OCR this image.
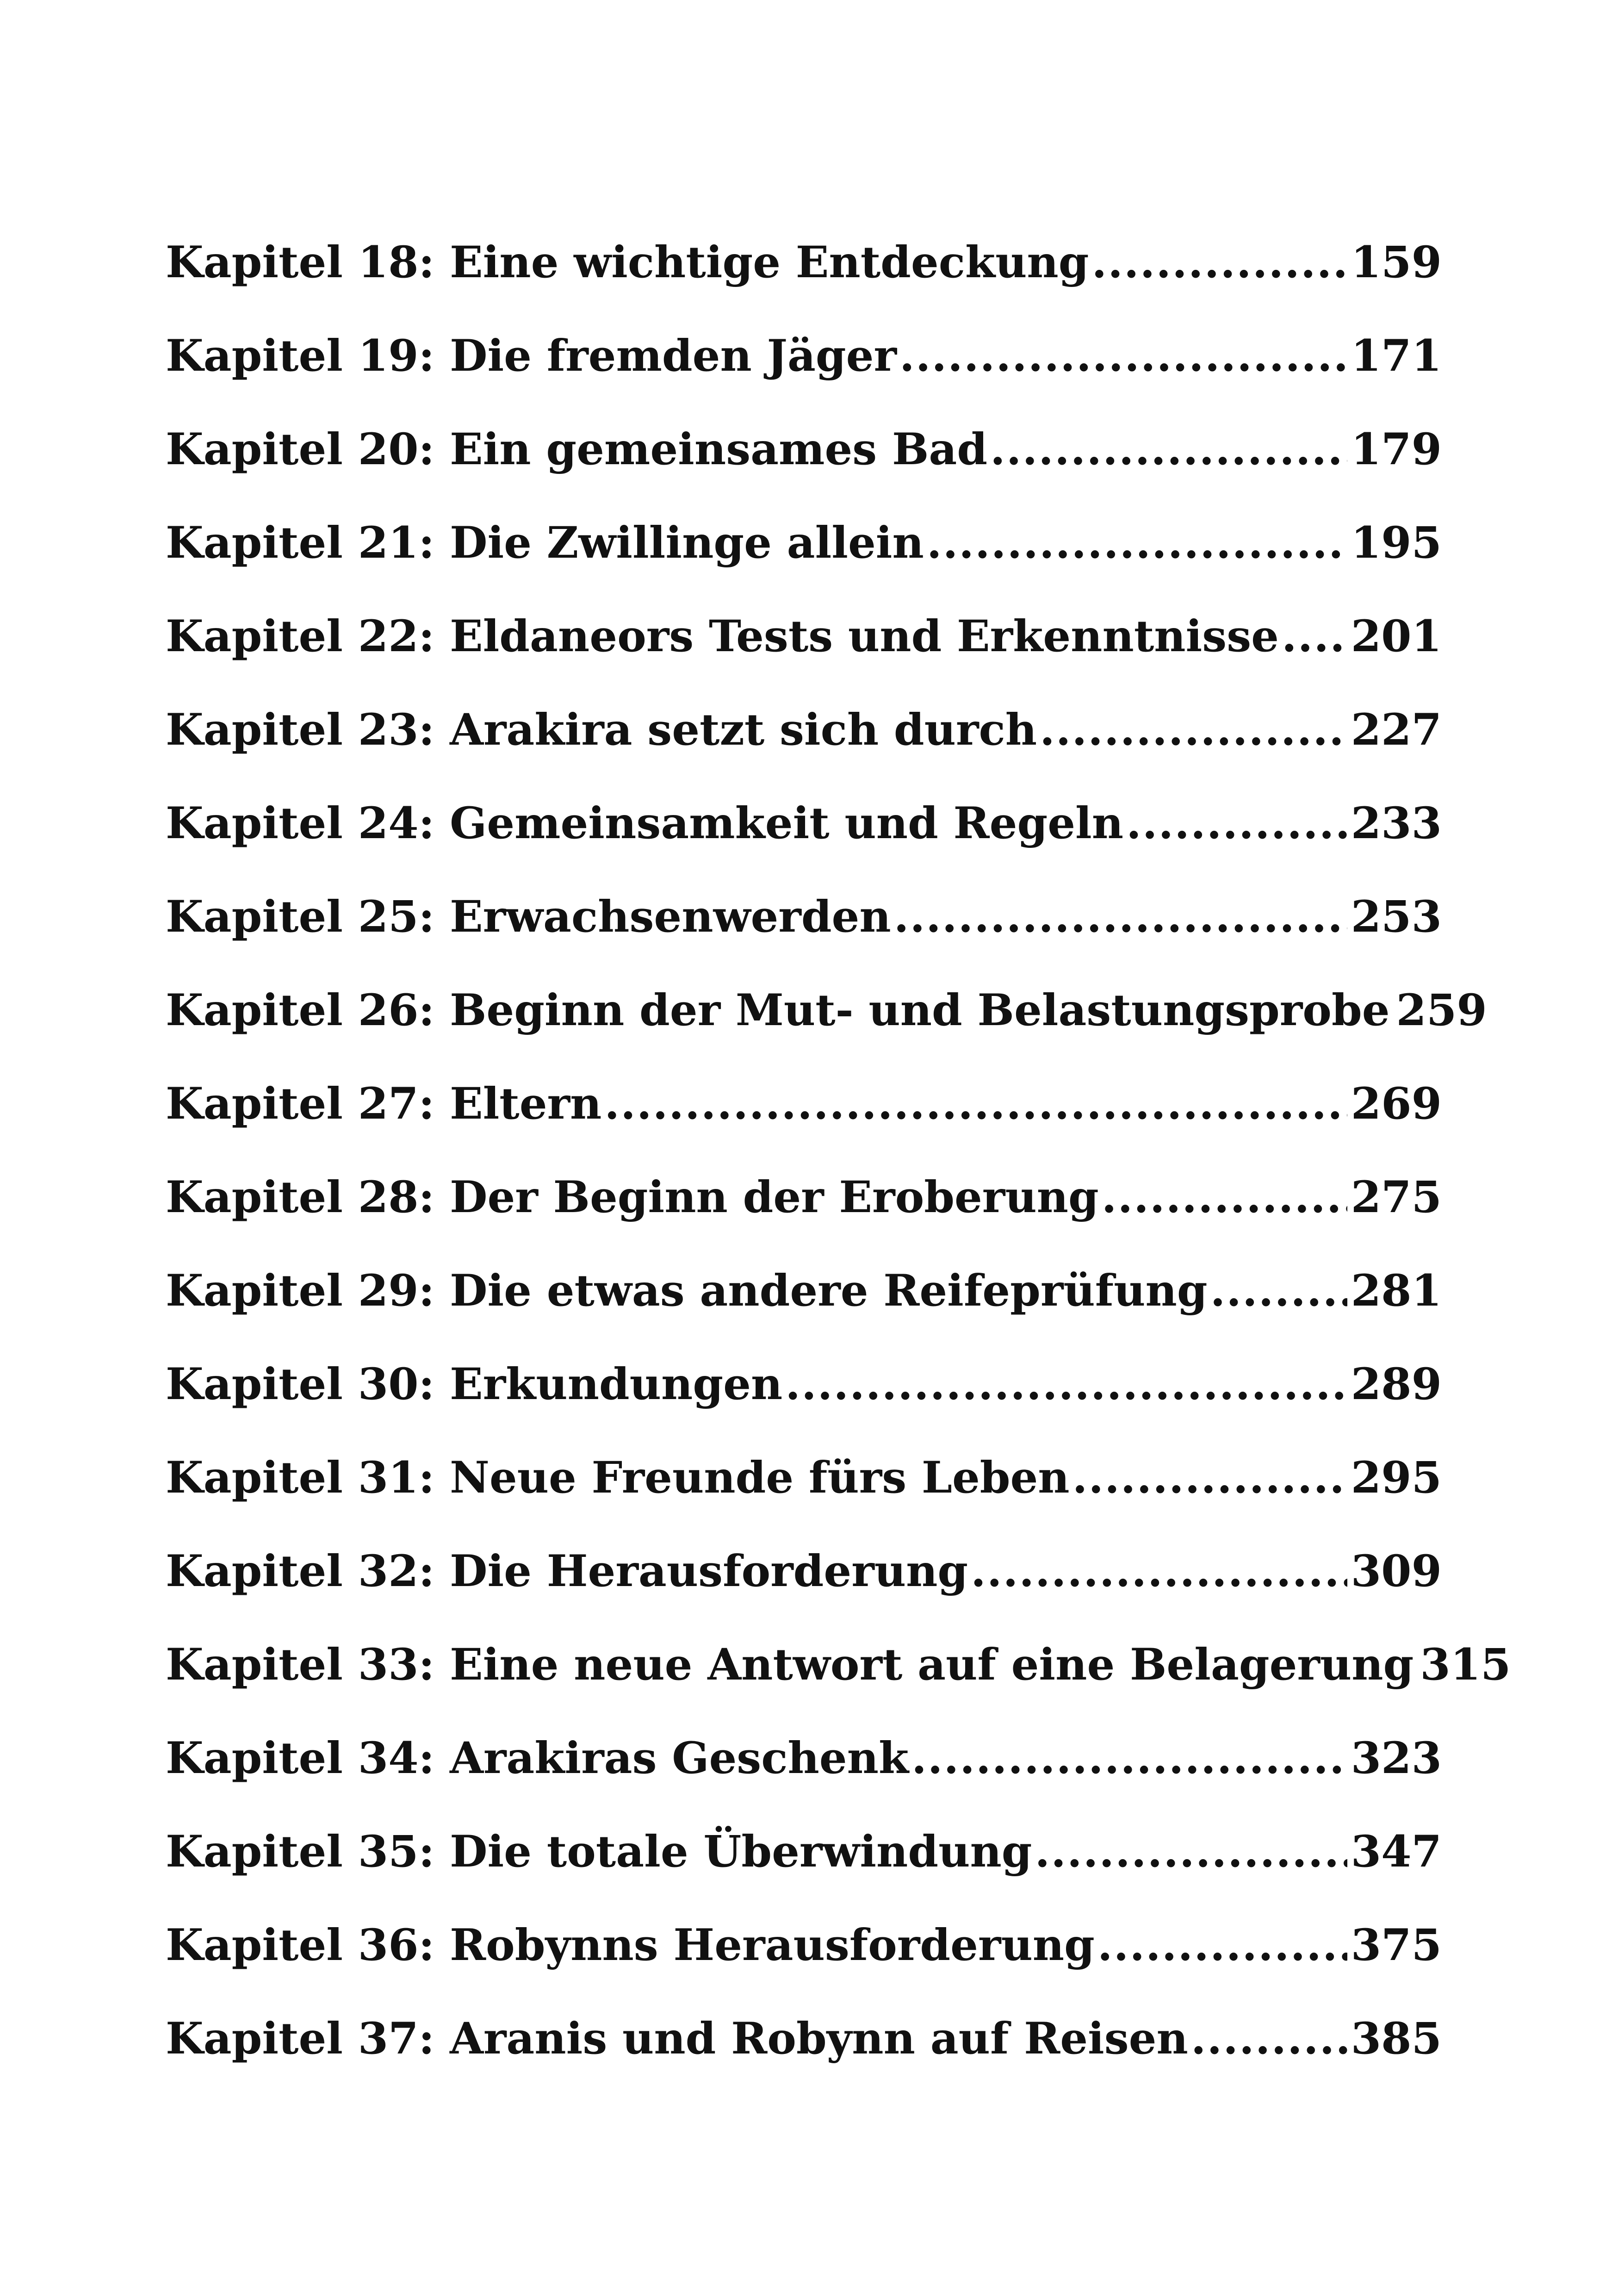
Kapitel 18: Eine wichtige Entdeckung .....	159
Kapitel 19: Die fremden Jäger .....	171
Kapitel 20: Ein gemeinsames Bad .....	179
Kapitel 21: Die Zwillinge allein .....	195
Kapitel 22: Eldaneors Tests und Erkenntnisse ..... 201
Kapitel 23: Arakira setzt sich durch .....	227
Kapitel 24: Gemeinsamkeit und Regeln .....	233
Kapitel 25: Erwachsenwerden .....	253
Kapitel 26: Beginn der Mut- und Belastungsprobe 259
Kapitel 27: Eltern .....	269
Kapitel 28: Der Beginn der Eroberung .....	275
Kapitel 29: Die etwas andere Reifeprüfung .....	281
Kapitel 30: Erkundungen .....	289
Kapitel 31: Neue Freunde fürs Leben .....	295
Kapitel 32: Die Herausforderung .....	309
Kapitel 33: Eine neue Antwort auf eine Belagerung 315
Kapitel 34: Arakiras Geschenk .....	323
Kapitel 35: Die totale Überwindung .....	347
Kapitel 36: Robynns Herausforderung .....	375
Kapitel 37: Aranis und Robynn auf Reisen .....	385
